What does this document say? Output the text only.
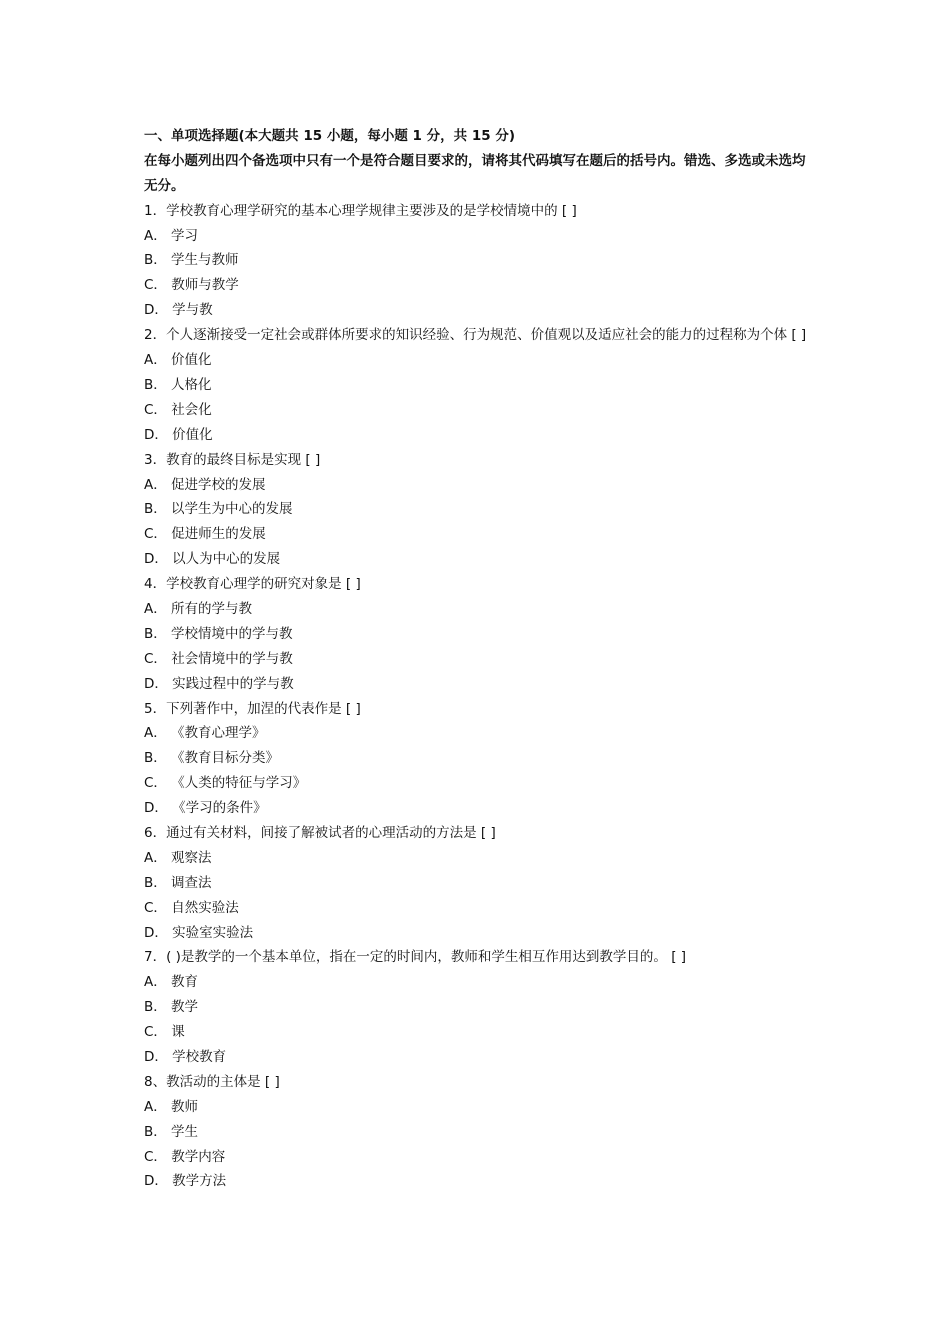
一、单项选择题(本大题共 15 小题，每小题 1 分，共 15 分)
在每小题列出四个备选项中只有一个是符合题目要求的，请将其代码填写在题后的括号内。错选、多选或未选均无分。
1．学校教育心理学研究的基本心理学规律主要涉及的是学校情境中的 [ ]
A． 学习
B． 学生与教师
C． 教师与教学
D． 学与教
2．个人逐渐接受一定社会或群体所要求的知识经验、行为规范、价值观以及适应社会的能力的过程称为个体 [ ]
A． 价值化
B． 人格化
C． 社会化
D． 价值化
3．教育的最终目标是实现 [ ]
A． 促进学校的发展
B． 以学生为中心的发展
C． 促进师生的发展
D． 以人为中心的发展
4．学校教育心理学的研究对象是 [ ]
A． 所有的学与教
B． 学校情境中的学与教
C． 社会情境中的学与教
D． 实践过程中的学与教
5．下列著作中，加涅的代表作是 [ ]
A． 《教育心理学》
B． 《教育目标分类》
C． 《人类的特征与学习》
D． 《学习的条件》
6．通过有关材料，间接了解被试者的心理活动的方法是 [ ]
A． 观察法
B． 调查法
C． 自然实验法
D． 实验室实验法
7．( )是教学的一个基本单位，指在一定的时间内，教师和学生相互作用达到教学目的。 [ ]
A． 教育
B． 教学
C． 课
D． 学校教育
8、教活动的主体是 [ ]
A． 教师
B． 学生
C． 教学内容
D． 教学方法
